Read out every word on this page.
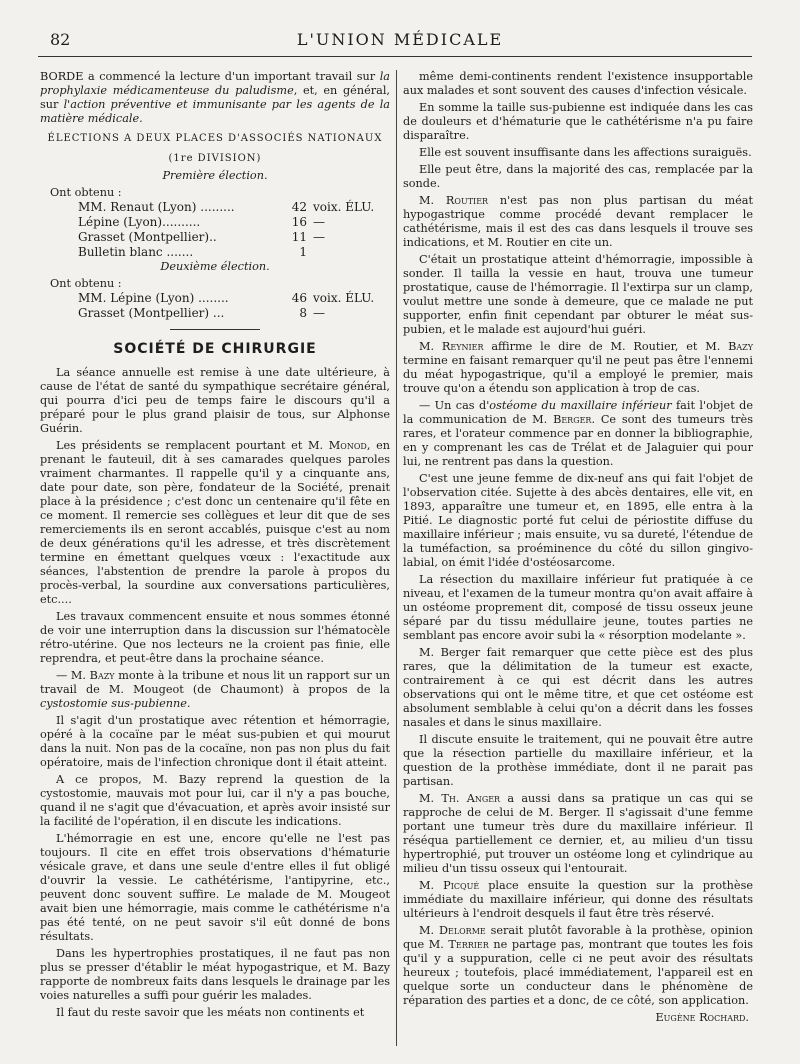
82	L'UNION MÉDICALE

BORDE a commencé la lecture d'un important travail sur la prophylaxie médicamenteuse du paludisme, et, en général, sur l'action préventive et immunisante par les agents de la matière médicale.

ÉLECTIONS A DEUX PLACES D'ASSOCIÉS NATIONAUX

(1re DIVISION)

Première élection.

Ont obtenu :

MM. Renaut (Lyon) .........	42 voix. ÉLU.
Lépine (Lyon)..........	16 —
Grasset (Montpellier)..	11 —
Bulletin blanc .......	1

Deuxième élection.

Ont obtenu :

MM. Lépine (Lyon) ........	46 voix. ÉLU.
Grasset (Montpellier) ...	8 —
SOCIÉTÉ DE CHIRURGIE

La séance annuelle est remise à une date ultérieure, à cause de l'état de santé du sympathique secrétaire général, qui pourra d'ici peu de temps faire le discours qu'il a préparé pour le plus grand plaisir de tous, sur Alphonse Guérin.

Les présidents se remplacent pourtant et M. Monod, en prenant le fauteuil, dit à ses camarades quelques paroles vraiment charmantes. Il rappelle qu'il y a cinquante ans, date pour date, son père, fondateur de la Société, prenait place à la présidence ; c'est donc un centenaire qu'il fête en ce moment. Il remercie ses collègues et leur dit que de ses remerciements ils en seront accablés, puisque c'est au nom de deux générations qu'il les adresse, et très discrètement termine en émettant quelques vœux : l'exactitude aux séances, l'abstention de prendre la parole à propos du procès-verbal, la sourdine aux conversations particulières, etc....

Les travaux commencent ensuite et nous sommes étonné de voir une interruption dans la discussion sur l'hématocèle rétro-utérine. Que nos lecteurs ne la croient pas finie, elle reprendra, et peut-être dans la prochaine séance.

— M. Bazy monte à la tribune et nous lit un rapport sur un travail de M. Mougeot (de Chaumont) à propos de la cystostomie sus-pubienne.

Il s'agit d'un prostatique avec rétention et hémorragie, opéré à la cocaïne par le méat sus-pubien et qui mourut dans la nuit. Non pas de la cocaïne, non pas non plus du fait opératoire, mais de l'infection chronique dont il était atteint.

A ce propos, M. Bazy reprend la question de la cystostomie, mauvais mot pour lui, car il n'y a pas bouche, quand il ne s'agit que d'évacuation, et après avoir insisté sur la facilité de l'opération, il en discute les indications.

L'hémorragie en est une, encore qu'elle ne l'est pas toujours. Il cite en effet trois observations d'hématurie vésicale grave, et dans une seule d'entre elles il fut obligé d'ouvrir la vessie. Le cathétérisme, l'antipyrine, etc., peuvent donc souvent suffire. Le malade de M. Mougeot avait bien une hémorragie, mais comme le cathétérisme n'a pas été tenté, on ne peut savoir s'il eût donné de bons résultats.

Dans les hypertrophies prostatiques, il ne faut pas non plus se presser d'établir le méat hypogastrique, et M. Bazy rapporte de nombreux faits dans lesquels le drainage par les voies naturelles a suffi pour guérir les malades.

Il faut du reste savoir que les méats non continents et

même demi-continents rendent l'existence insupportable aux malades et sont souvent des causes d'infection vésicale.

En somme la taille sus-pubienne est indiquée dans les cas de douleurs et d'hématurie que le cathétérisme n'a pu faire disparaître.

Elle est souvent insuffisante dans les affections suraiguës.

Elle peut être, dans la majorité des cas, remplacée par la sonde.

M. Routier n'est pas non plus partisan du méat hypogastrique comme procédé devant remplacer le cathétérisme, mais il est des cas dans lesquels il trouve ses indications, et M. Routier en cite un.

C'était un prostatique atteint d'hémorragie, impossible à sonder. Il tailla la vessie en haut, trouva une tumeur prostatique, cause de l'hémorragie. Il l'extirpa sur un clamp, voulut mettre une sonde à demeure, que ce malade ne put supporter, enfin finit cependant par obturer le méat sus-pubien, et le malade est aujourd'hui guéri.

M. Reynier affirme le dire de M. Routier, et M. Bazy termine en faisant remarquer qu'il ne peut pas être l'ennemi du méat hypogastrique, qu'il a employé le premier, mais trouve qu'on a étendu son application à trop de cas.

— Un cas d'ostéome du maxillaire inférieur fait l'objet de la communication de M. Berger. Ce sont des tumeurs très rares, et l'orateur commence par en donner la bibliographie, en y comprenant les cas de Trélat et de Jalaguier qui pour lui, ne rentrent pas dans la question.

C'est une jeune femme de dix-neuf ans qui fait l'objet de l'observation citée. Sujette à des abcès dentaires, elle vit, en 1893, apparaître une tumeur et, en 1895, elle entra à la Pitié. Le diagnostic porté fut celui de périostite diffuse du maxillaire inférieur ; mais ensuite, vu sa dureté, l'étendue de la tuméfaction, sa proéminence du côté du sillon gingivo-labial, on émit l'idée d'ostéosarcome.

La résection du maxillaire inférieur fut pratiquée à ce niveau, et l'examen de la tumeur montra qu'on avait affaire à un ostéome proprement dit, composé de tissu osseux jeune séparé par du tissu médullaire jeune, toutes parties ne semblant pas encore avoir subi la « résorption modelante ».

M. Berger fait remarquer que cette pièce est des plus rares, que la délimitation de la tumeur est exacte, contrairement à ce qui est décrit dans les autres observations qui ont le même titre, et que cet ostéome est absolument semblable à celui qu'on a décrit dans les fosses nasales et dans le sinus maxillaire.

Il discute ensuite le traitement, qui ne pouvait être autre que la résection partielle du maxillaire inférieur, et la question de la prothèse immédiate, dont il ne parait pas partisan.

M. Th. Anger a aussi dans sa pratique un cas qui se rapproche de celui de M. Berger. Il s'agissait d'une femme portant une tumeur très dure du maxillaire inférieur. Il réséqua partiellement ce dernier, et, au milieu d'un tissu hypertrophié, put trouver un ostéome long et cylindrique au milieu d'un tissu osseux qui l'entourait.

M. Picqué place ensuite la question sur la prothèse immédiate du maxillaire inférieur, qui donne des résultats ultérieurs à l'endroit desquels il faut être très réservé.

M. Delorme serait plutôt favorable à la prothèse, opinion que M. Terrier ne partage pas, montrant que toutes les fois qu'il y a suppuration, celle ci ne peut avoir des résultats heureux ; toutefois, placé immédiatement, l'appareil est en quelque sorte un conducteur dans le phénomène de réparation des parties et a donc, de ce côté, son application.

Eugène Rochard.
